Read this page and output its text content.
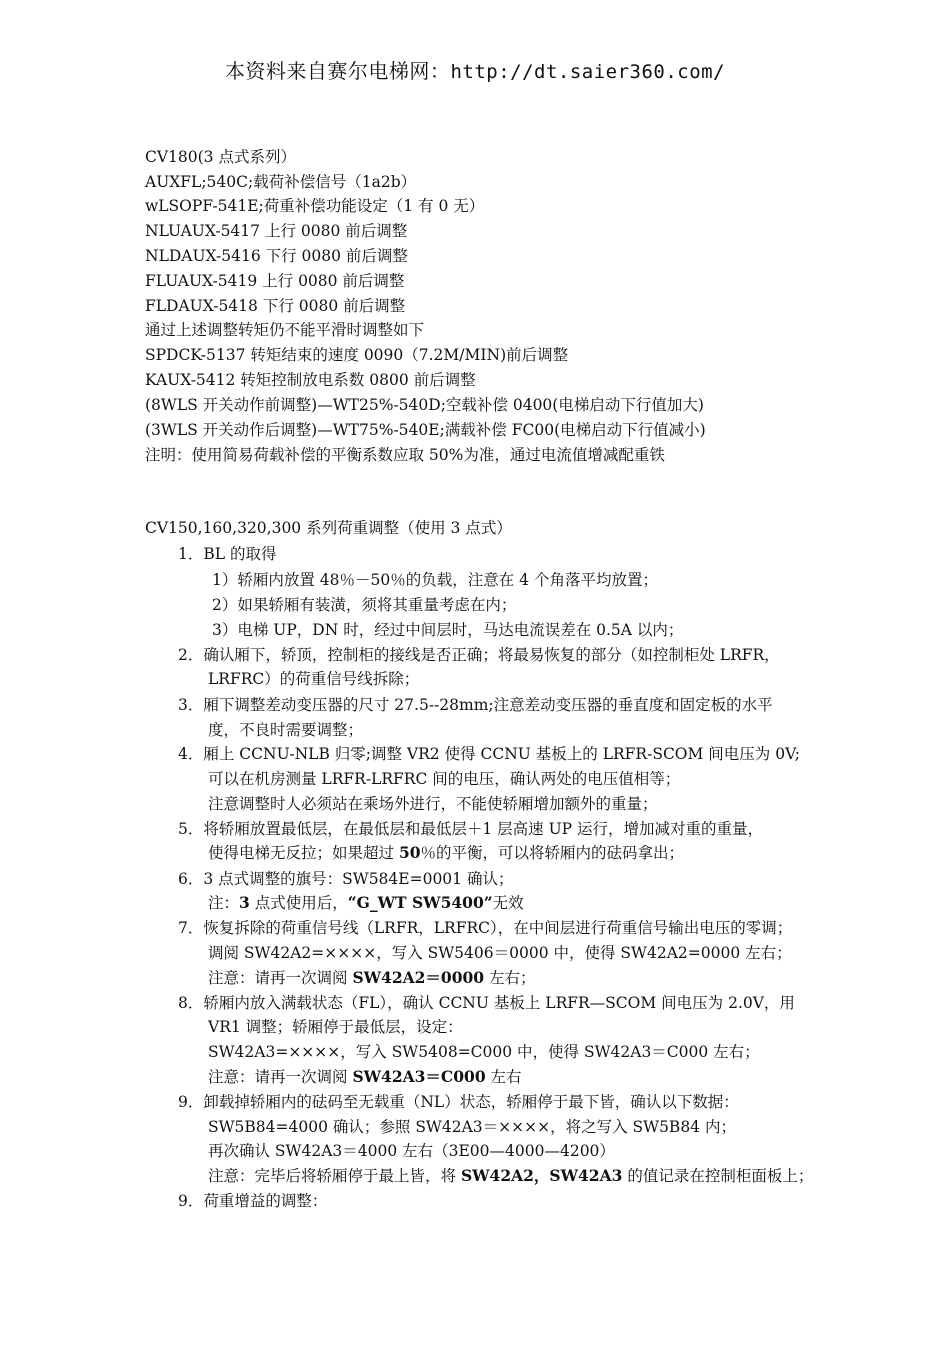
本资料来自赛尔电梯网：http://dt.saier360.com/
CV180(3 点式系列）
AUXFL;540C;载荷补偿信号（1a2b）
wLSOPF-541E;荷重补偿功能设定（1 有 0 无）
NLUAUX-5417 上行 0080 前后调整
NLDAUX-5416 下行 0080 前后调整
FLUAUX-5419 上行 0080 前后调整
FLDAUX-5418 下行 0080 前后调整
通过上述调整转矩仍不能平滑时调整如下
SPDCK-5137 转矩结束的速度 0090（7.2M/MIN)前后调整
KAUX-5412 转矩控制放电系数 0800 前后调整
(8WLS 开关动作前调整)—WT25%-540D;空载补偿 0400(电梯启动下行值加大)
(3WLS 开关动作后调整)—WT75%-540E;满载补偿 FC00(电梯启动下行值减小)
注明：使用简易荷载补偿的平衡系数应取 50%为准，通过电流值增减配重铁
CV150,160,320,300 系列荷重调整（使用 3 点式）
1．BL 的取得
1）轿厢内放置 48％－50％的负载，注意在 4 个角落平均放置；
2）如果轿厢有装潢，须将其重量考虑在内；
3）电梯 UP，DN 时，经过中间层时，马达电流误差在 0.5A 以内；
2．确认厢下，轿顶，控制柜的接线是否正确；将最易恢复的部分（如控制柜处 LRFR，
LRFRC）的荷重信号线拆除；
3．厢下调整差动变压器的尺寸 27.5--28mm;注意差动变压器的垂直度和固定板的水平
度，不良时需要调整；
4．厢上 CCNU-NLB 归零;调整 VR2 使得 CCNU 基板上的 LRFR-SCOM 间电压为 0V;
可以在机房测量 LRFR-LRFRC 间的电压，确认两处的电压值相等；
注意调整时人必须站在乘场外进行，不能使轿厢增加额外的重量；
5．将轿厢放置最低层，在最低层和最低层＋1 层高速 UP 运行，增加减对重的重量，
使得电梯无反拉；如果超过 50％的平衡，可以将轿厢内的砝码拿出；
6．3 点式调整的旗号：SW584E=0001 确认；
注：3 点式使用后，“G_WT SW5400”无效
7．恢复拆除的荷重信号线（LRFR，LRFRC），在中间层进行荷重信号输出电压的零调；
调阅 SW42A2=××××，写入 SW5406＝0000 中，使得 SW42A2=0000 左右；
注意：请再一次调阅 SW42A2＝0000 左右；
8．轿厢内放入满载状态（FL），确认 CCNU 基板上 LRFR—SCOM 间电压为 2.0V，用
VR1 调整；轿厢停于最低层，设定：
SW42A3=××××，写入 SW5408=C000 中，使得 SW42A3＝C000 左右；
注意：请再一次调阅 SW42A3＝C000 左右
9．卸载掉轿厢内的砝码至无载重（NL）状态，轿厢停于最下皆，确认以下数据：
SW5B84=4000 确认；参照 SW42A3＝××××，将之写入 SW5B84 内；
再次确认 SW42A3＝4000 左右（3E00—4000—4200）
注意：完毕后将轿厢停于最上皆，将 SW42A2，SW42A3 的值记录在控制柜面板上；
9．荷重增益的调整：
